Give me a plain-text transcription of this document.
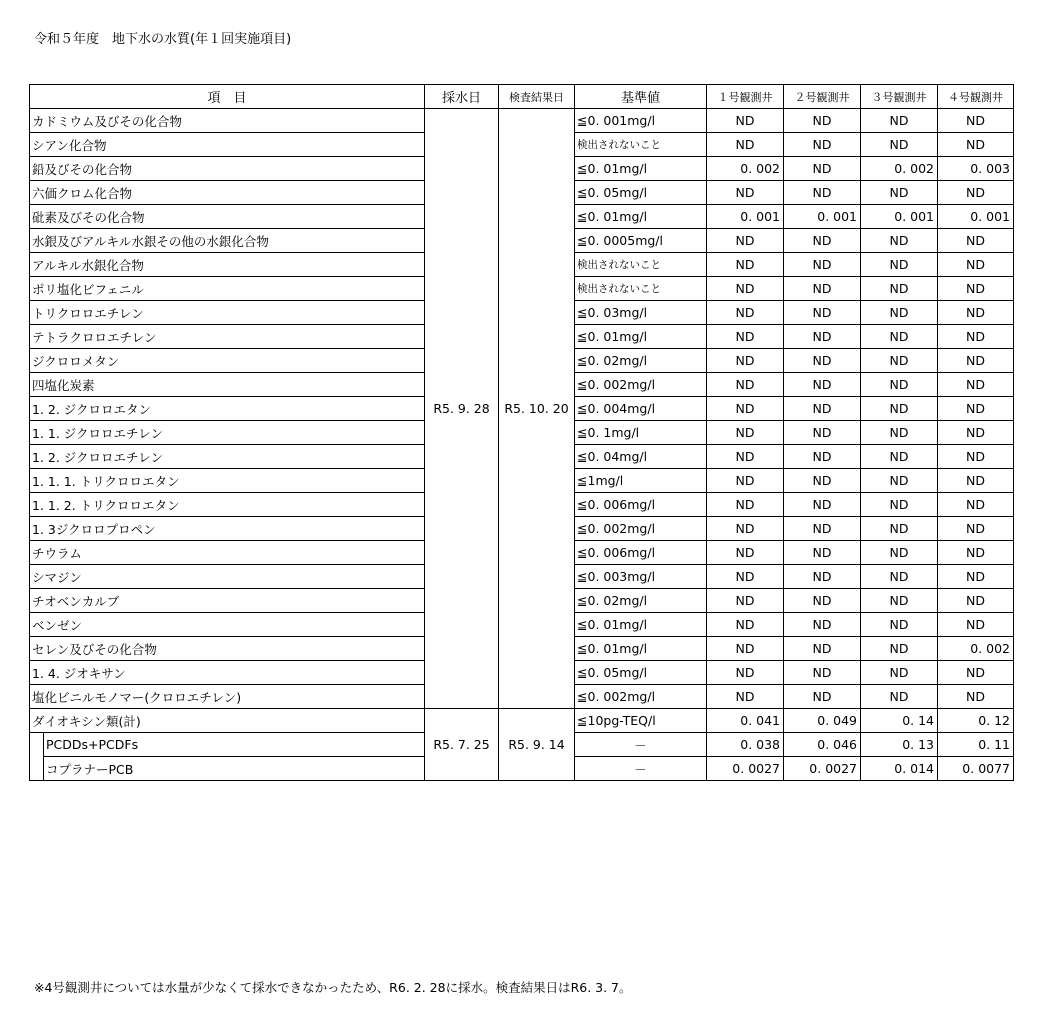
令和５年度　地下水の水質(年１回実施項目)
項　目		採水日	検査結果日	基準値	１号観測井	２号観測井	３号観測井	４号観測井
カドミウム及びその化合物		R5. 9. 28	R5. 10. 20	≦0. 001mg/l	ND	ND	ND	ND
シアン化合物				検出されないこと	ND	ND	ND	ND
鉛及びその化合物				≦0. 01mg/l	0. 002	ND	0. 002	0. 003
六価クロム化合物				≦0. 05mg/l	ND	ND	ND	ND
砒素及びその化合物				≦0. 01mg/l	0. 001	0. 001	0. 001	0. 001
水銀及びアルキル水銀その他の水銀化合物				≦0. 0005mg/l	ND	ND	ND	ND
アルキル水銀化合物				検出されないこと	ND	ND	ND	ND
ポリ塩化ビフェニル				検出されないこと	ND	ND	ND	ND
トリクロロエチレン				≦0. 03mg/l	ND	ND	ND	ND
テトラクロロエチレン				≦0. 01mg/l	ND	ND	ND	ND
ジクロロメタン				≦0. 02mg/l	ND	ND	ND	ND
四塩化炭素				≦0. 002mg/l	ND	ND	ND	ND
1. 2. ジクロロエタン				≦0. 004mg/l	ND	ND	ND	ND
1. 1. ジクロロエチレン				≦0. 1mg/l	ND	ND	ND	ND
1. 2. ジクロロエチレン				≦0. 04mg/l	ND	ND	ND	ND
1. 1. 1. トリクロロエタン				≦1mg/l	ND	ND	ND	ND
1. 1. 2. トリクロロエタン				≦0. 006mg/l	ND	ND	ND	ND
1. 3ジクロロプロペン				≦0. 002mg/l	ND	ND	ND	ND
チウラム				≦0. 006mg/l	ND	ND	ND	ND
シマジン				≦0. 003mg/l	ND	ND	ND	ND
チオベンカルブ				≦0. 02mg/l	ND	ND	ND	ND
ベンゼン				≦0. 01mg/l	ND	ND	ND	ND
セレン及びその化合物				≦0. 01mg/l	ND	ND	ND	0. 002
1. 4. ジオキサン				≦0. 05mg/l	ND	ND	ND	ND
塩化ビニルモノマー(クロロエチレン)				≦0. 002mg/l	ND	ND	ND	ND
ダイオキシン類(計)		R5. 7. 25	R5. 9. 14	≦10pg-TEQ/l	0. 041	0. 049	0. 14	0. 12
	PCDDs+PCDFs			－	0. 038	0. 046	0. 13	0. 11
	コプラナーPCB			－	0. 0027	0. 0027	0. 014	0. 0077
※4号観測井については水量が少なくて採水できなかったため、R6. 2. 28に採水。検査結果日はR6. 3. 7。
